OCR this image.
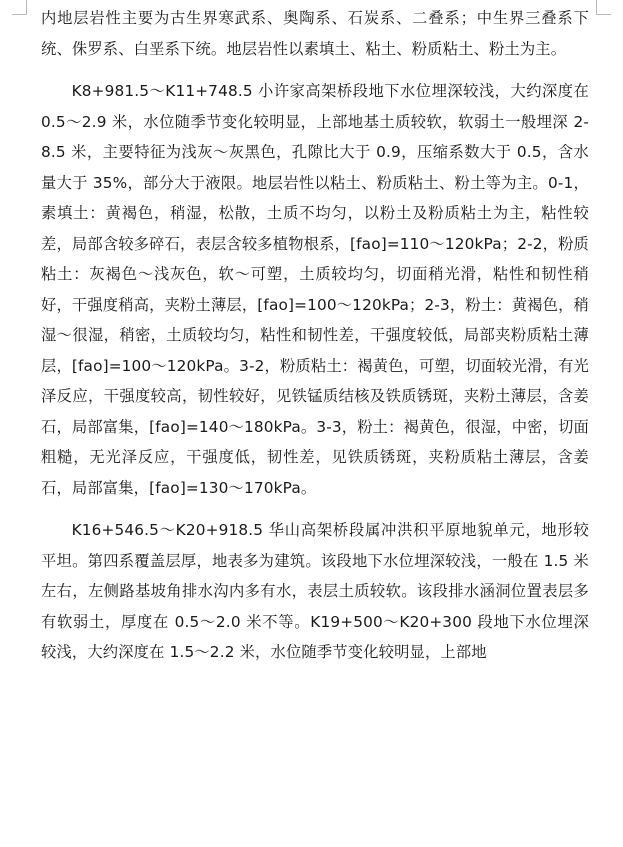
内地层岩性主要为古生界寒武系、奥陶系、石炭系、二叠系；中生界三叠系下统、侏罗系、白垩系下统。地层岩性以素填土、粘土、粉质粘土、粉土为主。

K8+981.5～K11+748.5 小许家高架桥段地下水位埋深较浅，大约深度在 0.5～2.9 米，水位随季节变化较明显，上部地基土质较软，软弱土一般埋深 2-8.5 米，主要特征为浅灰～灰黑色，孔隙比大于 0.9，压缩系数大于 0.5，含水量大于 35%，部分大于液限。地层岩性以粘土、粉质粘土、粉土等为主。0-1，素填土：黄褐色，稍湿，松散，土质不均匀，以粉土及粉质粘土为主，粘性较差，局部含较多碎石，表层含较多植物根系，[fao]=110～120kPa；2-2，粉质粘土：灰褐色～浅灰色，软～可塑，土质较均匀，切面稍光滑，粘性和韧性稍好，干强度稍高，夹粉土薄层，[fao]=100～120kPa；2-3，粉土：黄褐色，稍湿～很湿，稍密，土质较均匀，粘性和韧性差，干强度较低，局部夹粉质粘土薄层，[fao]=100～120kPa。3-2，粉质粘土：褐黄色，可塑，切面较光滑，有光泽反应，干强度较高，韧性较好，见铁锰质结核及铁质锈斑，夹粉土薄层，含姜石，局部富集，[fao]=140～180kPa。3-3，粉土：褐黄色，很湿，中密，切面粗糙，无光泽反应，干强度低，韧性差，见铁质锈斑，夹粉质粘土薄层，含姜石，局部富集，[fao]=130～170kPa。

K16+546.5～K20+918.5 华山高架桥段属冲洪积平原地貌单元，地形较平坦。第四系覆盖层厚，地表多为建筑。该段地下水位埋深较浅，一般在 1.5 米左右，左侧路基坡角排水沟内多有水，表层土质较软。该段排水涵洞位置表层多有软弱土，厚度在 0.5～2.0 米不等。K19+500～K20+300 段地下水位埋深较浅，大约深度在 1.5～2.2 米，水位随季节变化较明显，上部地
